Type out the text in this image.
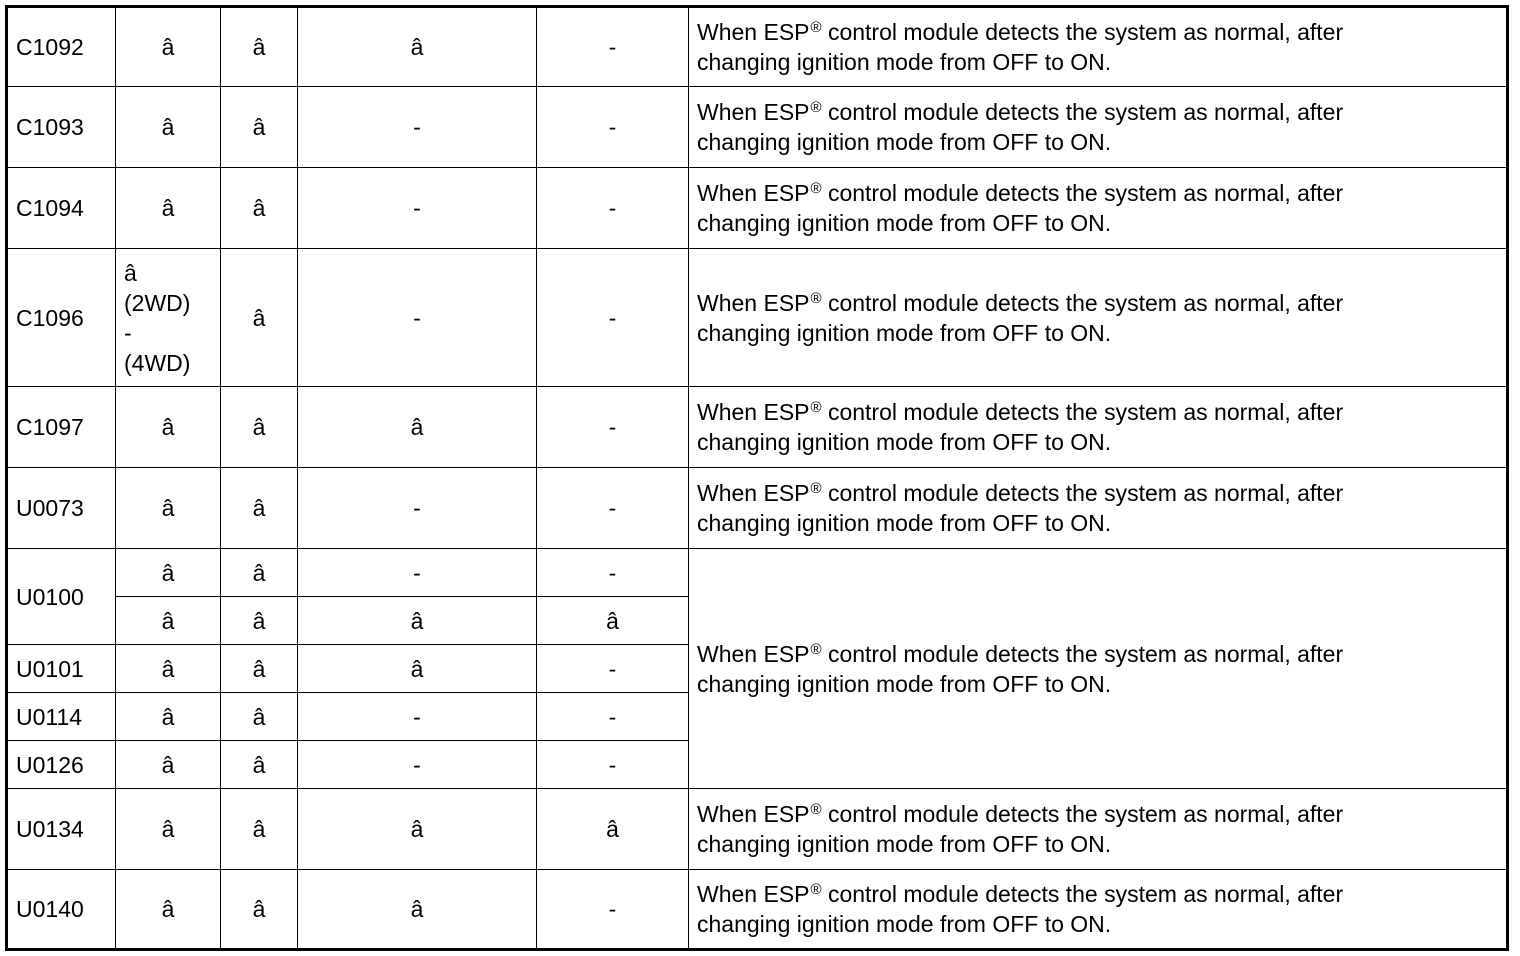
C1092	â	â	â	-	When ESP® control module detects the system as normal, after
changing ignition mode from OFF to ON.

C1093	â	â	-	-	When ESP® control module detects the system as normal, after
changing ignition mode from OFF to ON.

C1094	â	â	-	-	When ESP® control module detects the system as normal, after
changing ignition mode from OFF to ON.

C1096	â
(2WD)
-
(4WD)	â	-	-	When ESP® control module detects the system as normal, after
changing ignition mode from OFF to ON.

C1097	â	â	â	-	When ESP® control module detects the system as normal, after
changing ignition mode from OFF to ON.

U0073	â	â	-	-	When ESP® control module detects the system as normal, after
changing ignition mode from OFF to ON.

U0100	â	â	-	-	When ESP® control module detects the system as normal, after
changing ignition mode from OFF to ON.

	â	â	â	â	
U0101	â	â	â	-	
U0114	â	â	-	-	
U0126	â	â	-	-	
U0134	â	â	â	â	When ESP® control module detects the system as normal, after
changing ignition mode from OFF to ON.

U0140	â	â	â	-	When ESP® control module detects the system as normal, after
changing ignition mode from OFF to ON.
